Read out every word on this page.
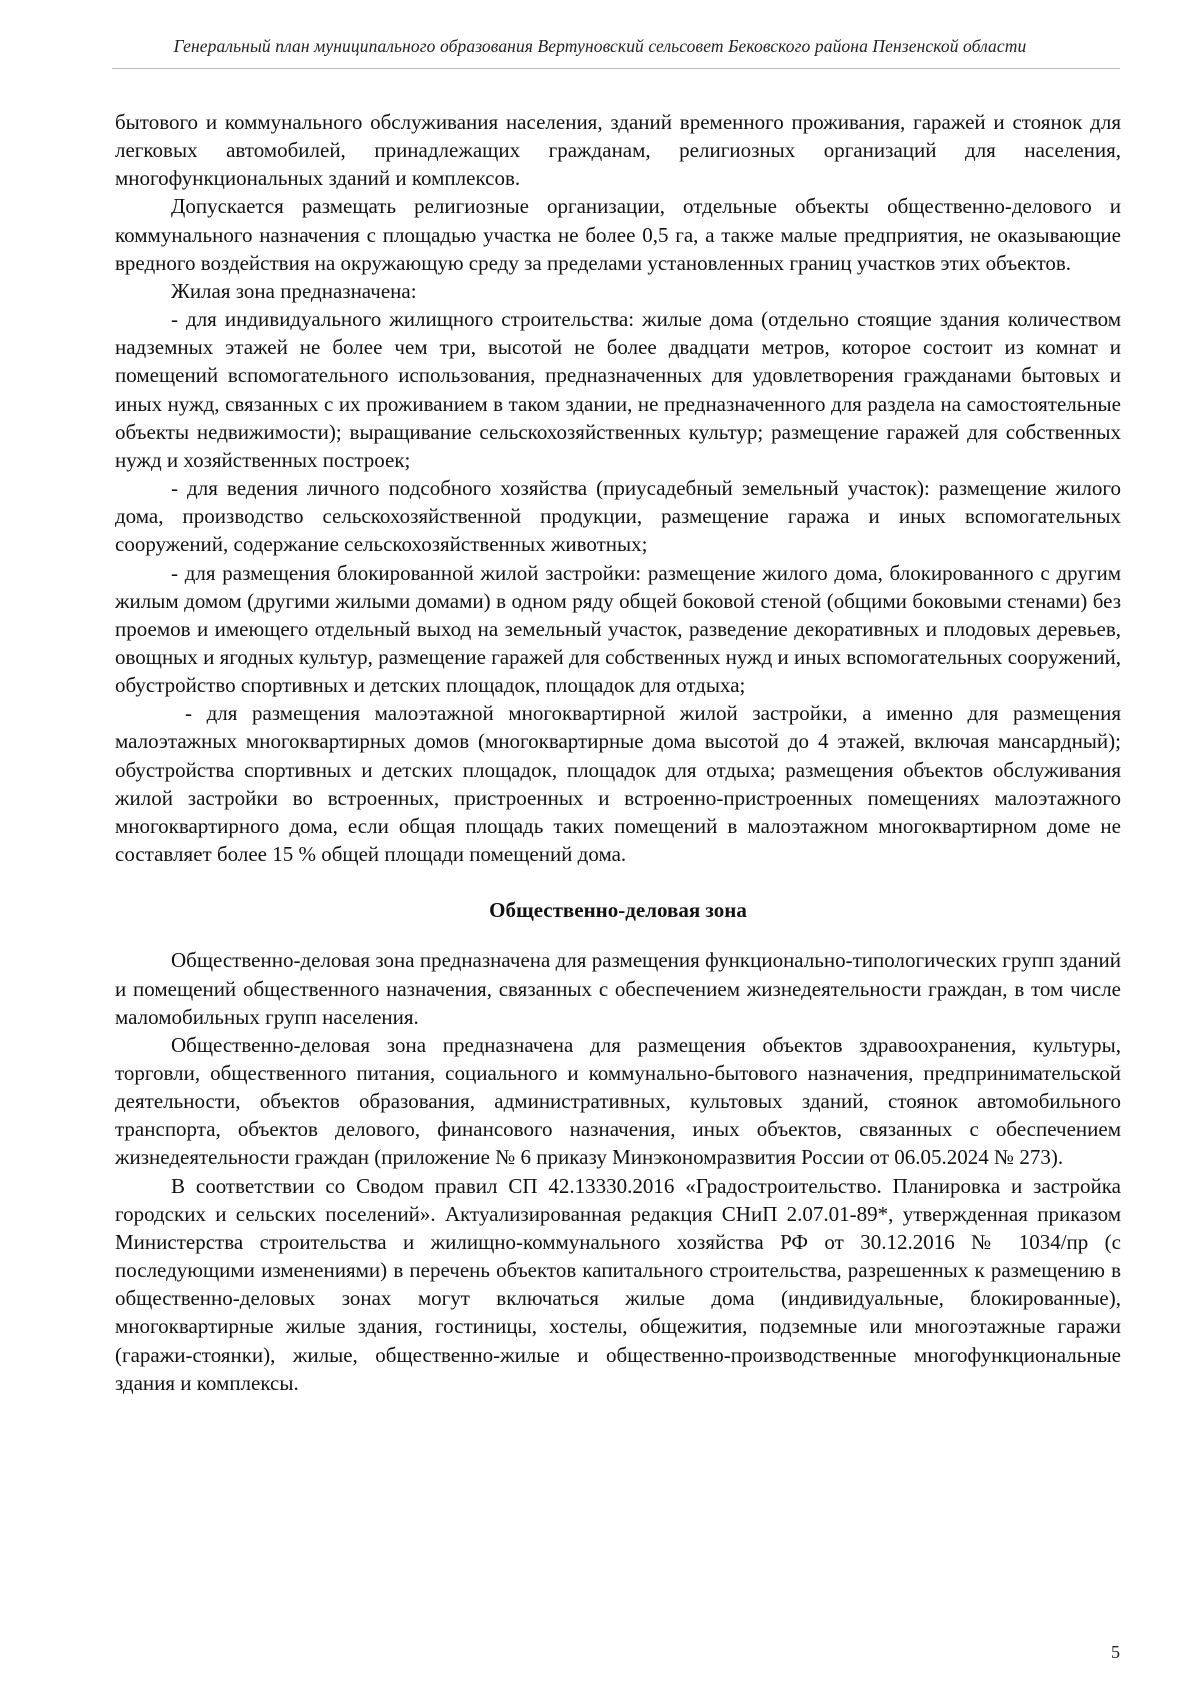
Генеральный план муниципального образования Вертуновский сельсовет Бековского района Пензенской области

бытового и коммунального обслуживания населения, зданий временного проживания, гаражей и стоянок для легковых автомобилей, принадлежащих гражданам, религиозных организаций для населения, многофункциональных зданий и комплексов.

Допускается размещать религиозные организации, отдельные объекты общественно-делового и коммунального назначения с площадью участка не более 0,5 га, а также малые предприятия, не оказывающие вредного воздействия на окружающую среду за пределами установленных границ участков этих объектов.

Жилая зона предназначена:

- для индивидуального жилищного строительства: жилые дома (отдельно стоящие здания количеством надземных этажей не более чем три, высотой не более двадцати метров, которое состоит из комнат и помещений вспомогательного использования, предназначенных для удовлетворения гражданами бытовых и иных нужд, связанных с их проживанием в таком здании, не предназначенного для раздела на самостоятельные объекты недвижимости); выращивание сельскохозяйственных культур; размещение гаражей для собственных нужд и хозяйственных построек;

- для ведения личного подсобного хозяйства (приусадебный земельный участок): размещение жилого дома, производство сельскохозяйственной продукции, размещение гаража и иных вспомогательных сооружений, содержание сельскохозяйственных животных;

- для размещения блокированной жилой застройки: размещение жилого дома, блокированного с другим жилым домом (другими жилыми домами) в одном ряду общей боковой стеной (общими боковыми стенами) без проемов и имеющего отдельный выход на земельный участок, разведение декоративных и плодовых деревьев, овощных и ягодных культур, размещение гаражей для собственных нужд и иных вспомогательных сооружений, обустройство спортивных и детских площадок, площадок для отдыха;

- для размещения малоэтажной многоквартирной жилой застройки, а именно для размещения малоэтажных многоквартирных домов (многоквартирные дома высотой до 4 этажей, включая мансардный); обустройства спортивных и детских площадок, площадок для отдыха; размещения объектов обслуживания жилой застройки во встроенных, пристроенных и встроенно-пристроенных помещениях малоэтажного многоквартирного дома, если общая площадь таких помещений в малоэтажном многоквартирном доме не составляет более 15 % общей площади помещений дома.

Общественно-деловая зона

Общественно-деловая зона предназначена для размещения функционально-типологических групп зданий и помещений общественного назначения, связанных с обеспечением жизнедеятельности граждан, в том числе маломобильных групп населения.

Общественно-деловая зона предназначена для размещения объектов здравоохранения, культуры, торговли, общественного питания, социального и коммунально-бытового назначения, предпринимательской деятельности, объектов образования, административных, культовых зданий, стоянок автомобильного транспорта, объектов делового, финансового назначения, иных объектов, связанных с обеспечением жизнедеятельности граждан (приложение № 6 приказу Минэкономразвития России от 06.05.2024 № 273).

В соответствии со Сводом правил СП 42.13330.2016 «Градостроительство. Планировка и застройка городских и сельских поселений». Актуализированная редакция СНиП 2.07.01-89*, утвержденная приказом Министерства строительства и жилищно-коммунального хозяйства РФ от 30.12.2016 № 1034/пр (с последующими изменениями) в перечень объектов капитального строительства, разрешенных к размещению в общественно-деловых зонах могут включаться жилые дома (индивидуальные, блокированные), многоквартирные жилые здания, гостиницы, хостелы, общежития, подземные или многоэтажные гаражи (гаражи-стоянки), жилые, общественно-жилые и общественно-производственные многофункциональные здания и комплексы.

5
